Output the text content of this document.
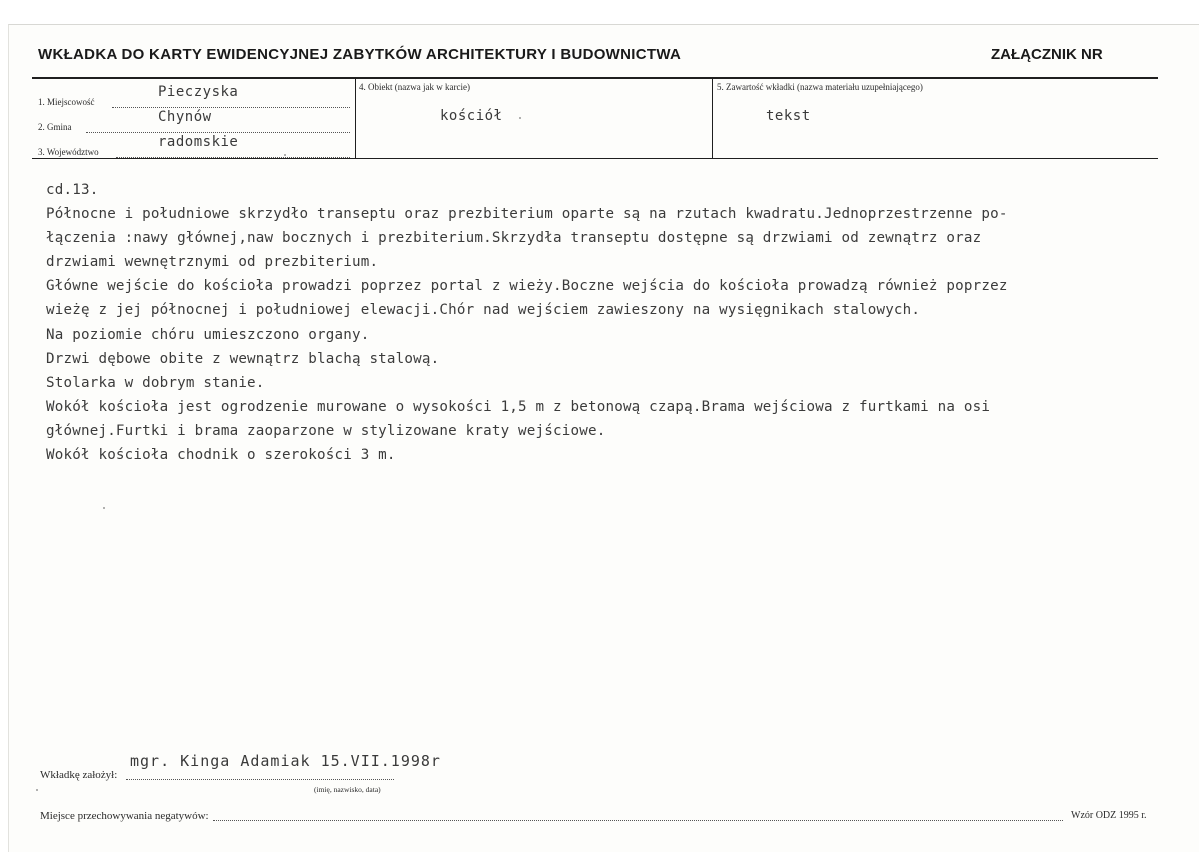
WKŁADKA DO KARTY EWIDENCYJNEJ ZABYTKÓW ARCHITEKTURY I BUDOWNICTWA	ZAŁĄCZNIK NR
1. Miejscowość
Pieczyska
2. Gmina
Chynów
3. Województwo
radomskie
4. Obiekt (nazwa jak w karcie)
kościół
5. Zawartość wkładki (nazwa materiału uzupełniającego)
tekst
cd.13.
Północne i południowe skrzydło transeptu oraz prezbiterium oparte są na rzutach kwadratu.Jednoprzestrzenne po-
łączenia :nawy głównej,naw bocznych i prezbiterium.Skrzydła transeptu dostępne są drzwiami od zewnątrz oraz
drzwiami wewnętrznymi od prezbiterium.
Główne wejście do kościoła prowadzi poprzez portal z wieży.Boczne wejścia do kościoła prowadzą również poprzez
wieżę z jej północnej i południowej elewacji.Chór nad wejściem zawieszony na wysięgnikach stalowych.
Na poziomie chóru umieszczono organy.
Drzwi dębowe obite z wewnątrz blachą stalową.
Stolarka w dobrym stanie.
Wokół kościoła jest ogrodzenie murowane o wysokości 1,5 m z betonową czapą.Brama wejściowa z furtkami na osi
głównej.Furtki i brama zaoparzone w stylizowane kraty wejściowe.
Wokół kościoła chodnik o szerokości 3 m.
Wkładkę założył:
mgr. Kinga Adamiak 15.VII.1998r
(imię, nazwisko, data)
Miejsce przechowywania negatywów:	Wzór ODZ 1995 r.
